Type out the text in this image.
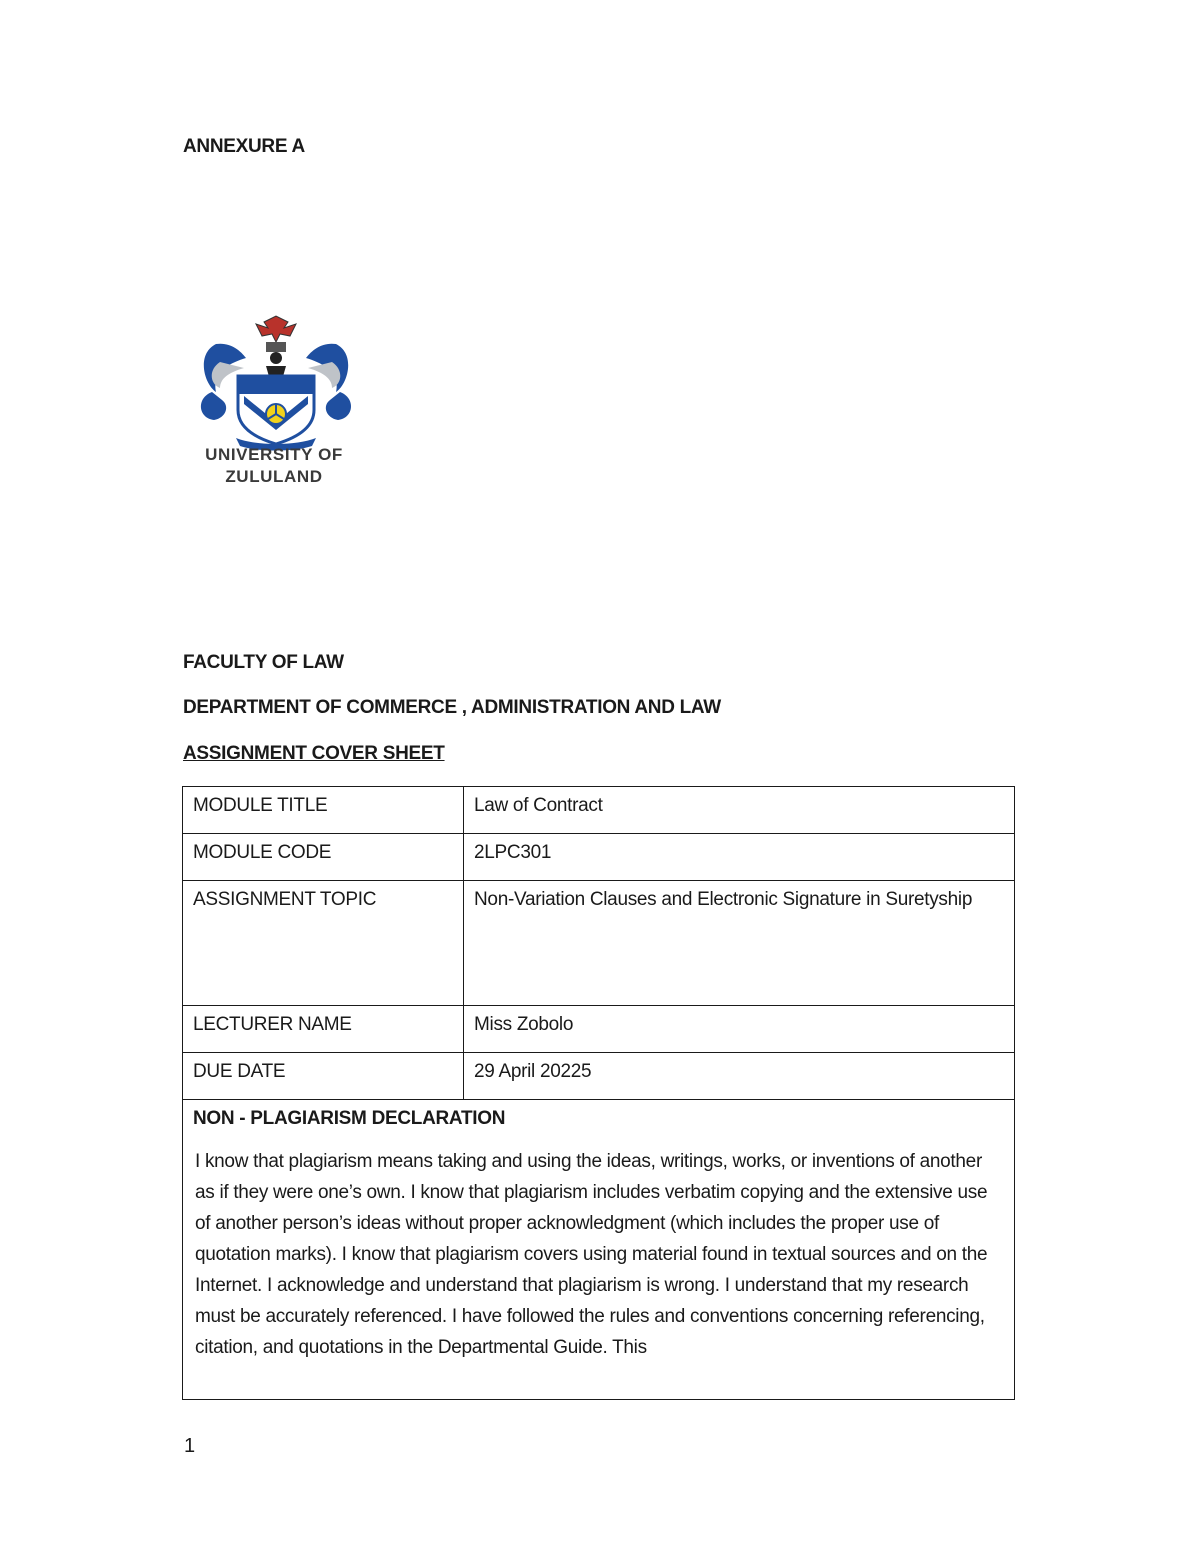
ANNEXURE A
UNIVERSITY OF
ZULULAND
FACULTY OF LAW
DEPARTMENT OF COMMERCE , ADMINISTRATION AND LAW
ASSIGNMENT COVER SHEET
MODULE TITLE	Law of Contract
MODULE CODE	2LPC301
ASSIGNMENT TOPIC	Non-Variation Clauses and Electronic Signature in Suretyship
LECTURER NAME	Miss Zobolo
DUE DATE	29 April 20225

NON - PLAGIARISM DECLARATION
I know that plagiarism means taking and using the ideas, writings, works, or inventions of another as if they were one’s own. I know that plagiarism includes verbatim copying and the extensive use of another person’s ideas without proper acknowledgment (which includes the proper use of quotation marks). I know that plagiarism covers using material found in textual sources and on the Internet. I acknowledge and understand that plagiarism is wrong. I understand that my research must be accurately referenced. I have followed the rules and conventions concerning referencing, citation, and quotations in the Departmental Guide. This	
1
